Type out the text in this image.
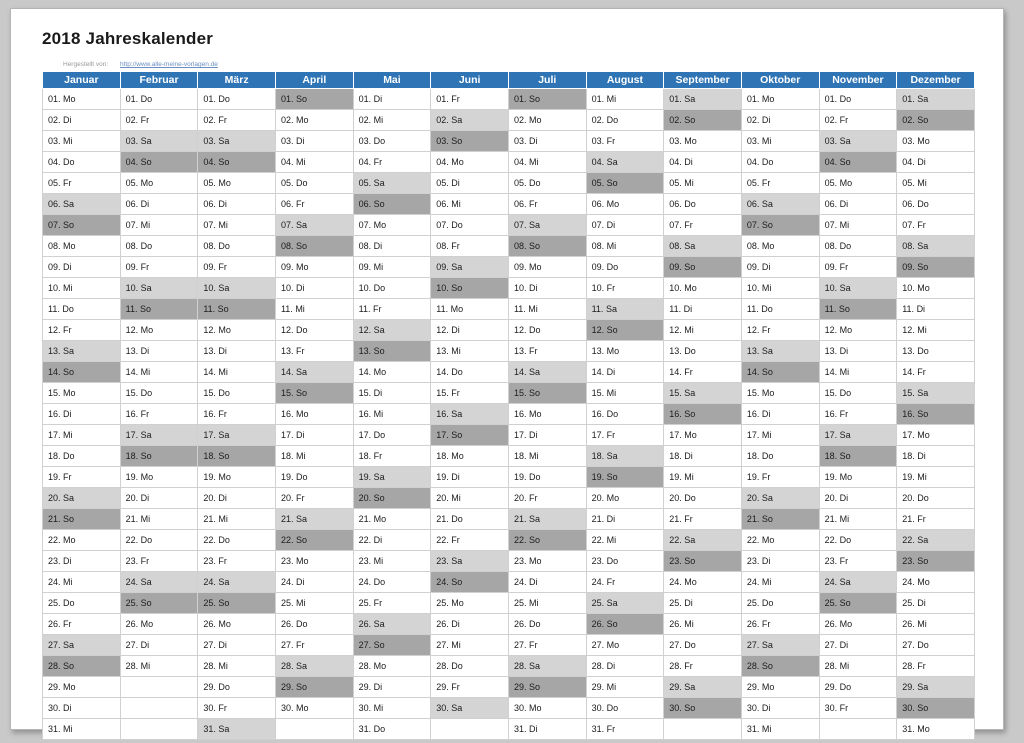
2018 Jahreskalender
Hergestellt von: http://www.alle-meine-vorlagen.de
Januar	Februar	März	April	Mai	Juni	Juli	August	September	Oktober	November	Dezember
01. Mo	01. Do	01. Do	01. So	01. Di	01. Fr	01. So	01. Mi	01. Sa	01. Mo	01. Do	01. Sa
02. Di	02. Fr	02. Fr	02. Mo	02. Mi	02. Sa	02. Mo	02. Do	02. So	02. Di	02. Fr	02. So
03. Mi	03. Sa	03. Sa	03. Di	03. Do	03. So	03. Di	03. Fr	03. Mo	03. Mi	03. Sa	03. Mo
04. Do	04. So	04. So	04. Mi	04. Fr	04. Mo	04. Mi	04. Sa	04. Di	04. Do	04. So	04. Di
05. Fr	05. Mo	05. Mo	05. Do	05. Sa	05. Di	05. Do	05. So	05. Mi	05. Fr	05. Mo	05. Mi
06. Sa	06. Di	06. Di	06. Fr	06. So	06. Mi	06. Fr	06. Mo	06. Do	06. Sa	06. Di	06. Do
07. So	07. Mi	07. Mi	07. Sa	07. Mo	07. Do	07. Sa	07. Di	07. Fr	07. So	07. Mi	07. Fr
08. Mo	08. Do	08. Do	08. So	08. Di	08. Fr	08. So	08. Mi	08. Sa	08. Mo	08. Do	08. Sa
09. Di	09. Fr	09. Fr	09. Mo	09. Mi	09. Sa	09. Mo	09. Do	09. So	09. Di	09. Fr	09. So
10. Mi	10. Sa	10. Sa	10. Di	10. Do	10. So	10. Di	10. Fr	10. Mo	10. Mi	10. Sa	10. Mo
11. Do	11. So	11. So	11. Mi	11. Fr	11. Mo	11. Mi	11. Sa	11. Di	11. Do	11. So	11. Di
12. Fr	12. Mo	12. Mo	12. Do	12. Sa	12. Di	12. Do	12. So	12. Mi	12. Fr	12. Mo	12. Mi
13. Sa	13. Di	13. Di	13. Fr	13. So	13. Mi	13. Fr	13. Mo	13. Do	13. Sa	13. Di	13. Do
14. So	14. Mi	14. Mi	14. Sa	14. Mo	14. Do	14. Sa	14. Di	14. Fr	14. So	14. Mi	14. Fr
15. Mo	15. Do	15. Do	15. So	15. Di	15. Fr	15. So	15. Mi	15. Sa	15. Mo	15. Do	15. Sa
16. Di	16. Fr	16. Fr	16. Mo	16. Mi	16. Sa	16. Mo	16. Do	16. So	16. Di	16. Fr	16. So
17. Mi	17. Sa	17. Sa	17. Di	17. Do	17. So	17. Di	17. Fr	17. Mo	17. Mi	17. Sa	17. Mo
18. Do	18. So	18. So	18. Mi	18. Fr	18. Mo	18. Mi	18. Sa	18. Di	18. Do	18. So	18. Di
19. Fr	19. Mo	19. Mo	19. Do	19. Sa	19. Di	19. Do	19. So	19. Mi	19. Fr	19. Mo	19. Mi
20. Sa	20. Di	20. Di	20. Fr	20. So	20. Mi	20. Fr	20. Mo	20. Do	20. Sa	20. Di	20. Do
21. So	21. Mi	21. Mi	21. Sa	21. Mo	21. Do	21. Sa	21. Di	21. Fr	21. So	21. Mi	21. Fr
22. Mo	22. Do	22. Do	22. So	22. Di	22. Fr	22. So	22. Mi	22. Sa	22. Mo	22. Do	22. Sa
23. Di	23. Fr	23. Fr	23. Mo	23. Mi	23. Sa	23. Mo	23. Do	23. So	23. Di	23. Fr	23. So
24. Mi	24. Sa	24. Sa	24. Di	24. Do	24. So	24. Di	24. Fr	24. Mo	24. Mi	24. Sa	24. Mo
25. Do	25. So	25. So	25. Mi	25. Fr	25. Mo	25. Mi	25. Sa	25. Di	25. Do	25. So	25. Di
26. Fr	26. Mo	26. Mo	26. Do	26. Sa	26. Di	26. Do	26. So	26. Mi	26. Fr	26. Mo	26. Mi
27. Sa	27. Di	27. Di	27. Fr	27. So	27. Mi	27. Fr	27. Mo	27. Do	27. Sa	27. Di	27. Do
28. So	28. Mi	28. Mi	28. Sa	28. Mo	28. Do	28. Sa	28. Di	28. Fr	28. So	28. Mi	28. Fr
29. Mo		29. Do	29. So	29. Di	29. Fr	29. So	29. Mi	29. Sa	29. Mo	29. Do	29. Sa
30. Di		30. Fr	30. Mo	30. Mi	30. Sa	30. Mo	30. Do	30. So	30. Di	30. Fr	30. So
31. Mi		31. Sa		31. Do		31. Di	31. Fr		31. Mi		31. Mo
